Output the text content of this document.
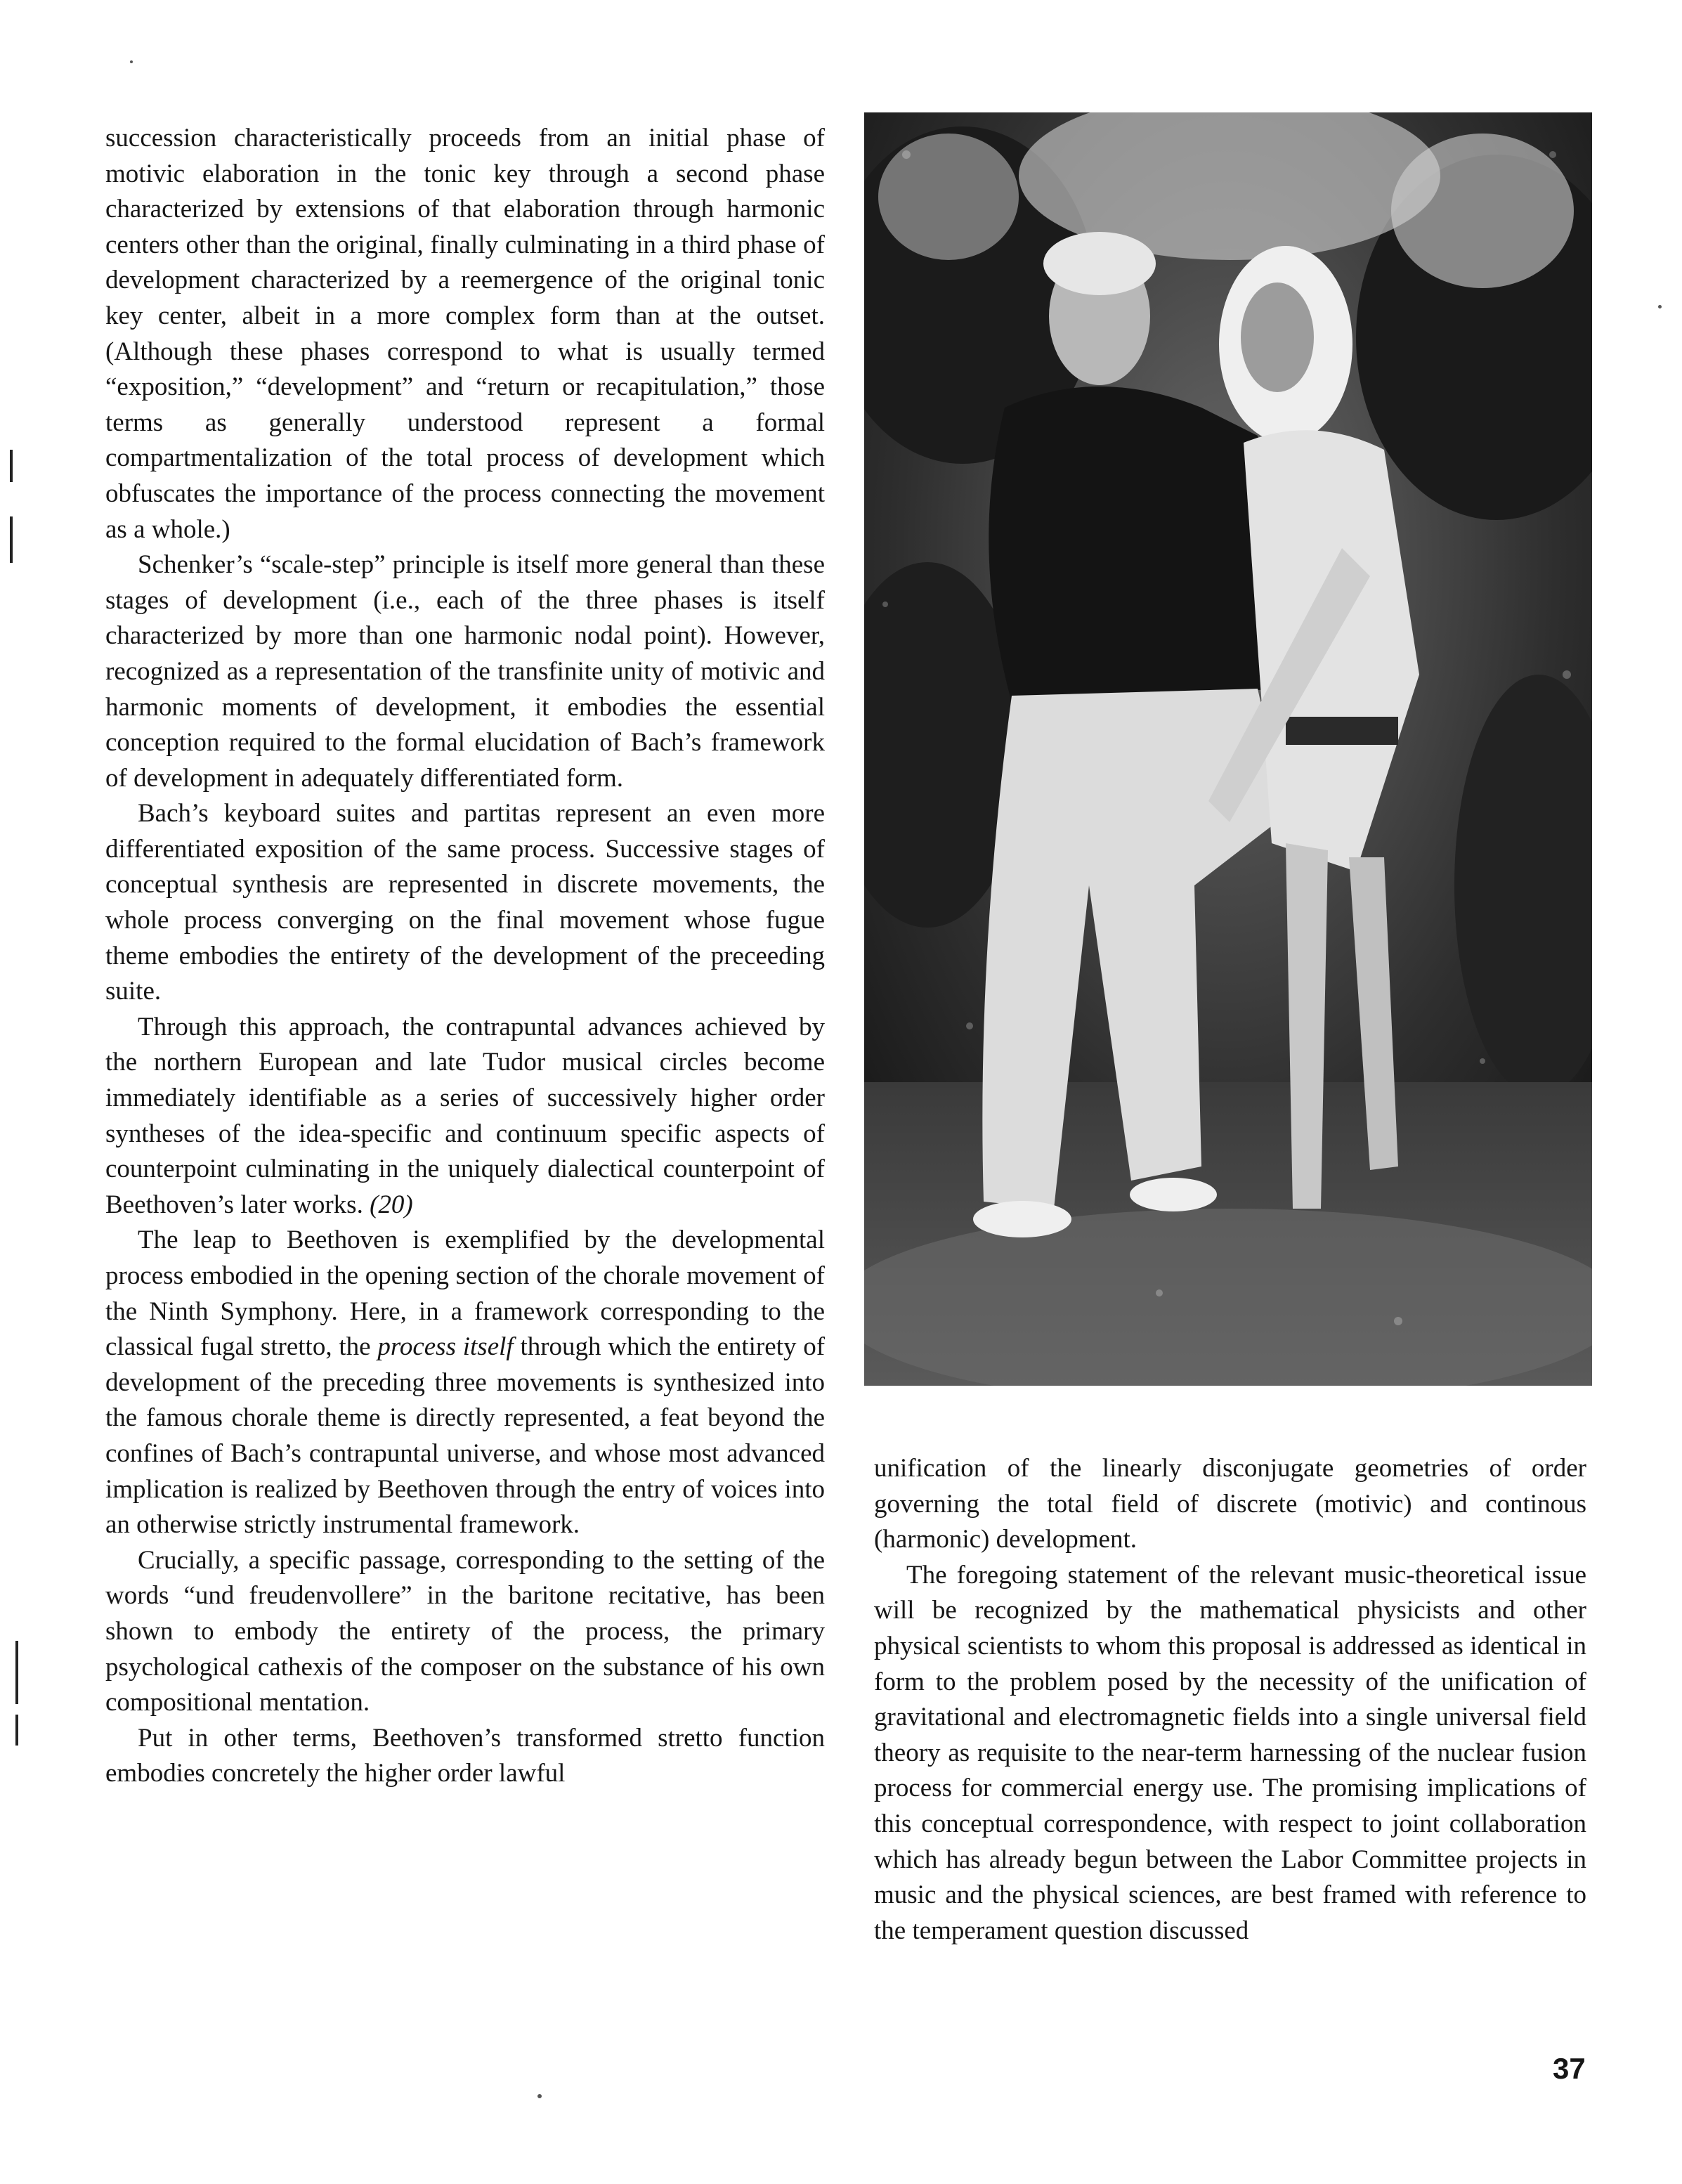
succession characteristically proceeds from an initial phase of motivic elaboration in the tonic key through a second phase characterized by extensions of that elaboration through harmonic centers other than the original, finally culminating in a third phase of development characterized by a reemergence of the original tonic key center, albeit in a more complex form than at the outset. (Although these phases correspond to what is usually termed “exposition,” “development” and “return or recapitulation,” those terms as generally understood represent a formal compartmentalization of the total process of development which obfuscates the importance of the process connecting the movement as a whole.)

Schenker’s “scale-step” principle is itself more general than these stages of development (i.e., each of the three phases is itself characterized by more than one harmonic nodal point). However, recognized as a representation of the transfinite unity of motivic and harmonic moments of development, it embodies the essential conception required to the formal elucidation of Bach’s framework of development in adequately differentiated form.

Bach’s keyboard suites and partitas represent an even more differentiated exposition of the same process. Successive stages of conceptual synthesis are represented in discrete movements, the whole process converging on the final movement whose fugue theme embodies the entirety of the development of the preceeding suite.

Through this approach, the contrapuntal advances achieved by the northern European and late Tudor musical circles become immediately identifiable as a series of successively higher order syntheses of the idea-specific and continuum specific aspects of counterpoint culminating in the uniquely dialectical counterpoint of Beethoven’s later works. (20)

The leap to Beethoven is exemplified by the developmental process embodied in the opening section of the chorale movement of the Ninth Symphony. Here, in a framework corresponding to the classical fugal stretto, the process itself through which the entirety of development of the preceding three movements is synthesized into the famous chorale theme is directly represented, a feat beyond the confines of Bach’s contrapuntal universe, and whose most advanced implication is realized by Beethoven through the entry of voices into an otherwise strictly instrumental framework.

Crucially, a specific passage, corresponding to the setting of the words “und freudenvollere” in the baritone recitative, has been shown to embody the entirety of the process, the primary psychological cathexis of the composer on the substance of his own compositional mentation.

Put in other terms, Beethoven’s transformed stretto function embodies concretely the higher order lawful

unification of the linearly disconjugate geometries of order governing the total field of discrete (motivic) and continous (harmonic) development.

The foregoing statement of the relevant music-theoretical issue will be recognized by the mathematical physicists and other physical scientists to whom this proposal is addressed as identical in form to the problem posed by the necessity of the unification of gravitational and electromagnetic fields into a single universal field theory as requisite to the near-term harnessing of the nuclear fusion process for commercial energy use. The promising implications of this conceptual correspondence, with respect to joint collaboration which has already begun between the Labor Committee projects in music and the physical sciences, are best framed with reference to the temperament question discussed

37
